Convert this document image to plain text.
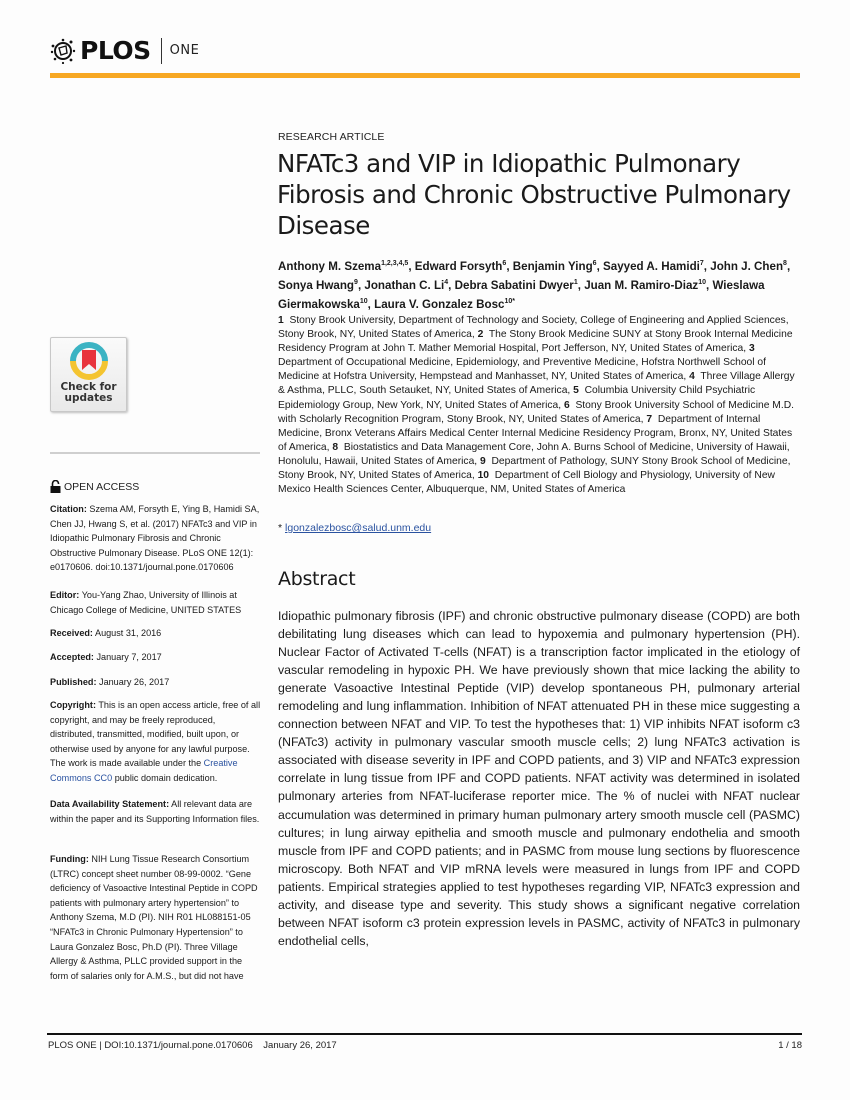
PLOS ONE
RESEARCH ARTICLE
NFATc3 and VIP in Idiopathic Pulmonary Fibrosis and Chronic Obstructive Pulmonary Disease

Anthony M. Szema$^{1,2,3,4,5}$, Edward Forsyth$^6$, Benjamin Ying$^6$, Sayyed A. Hamidi$^7$, John J. Chen$^8$, Sonya Hwang$^9$, Jonathan C. Li$^4$, Debra Sabatini Dwyer$^1$, Juan M. Ramiro-Diaz$^{10}$, Wieslawa Giermakowska$^{10}$, Laura V. Gonzalez Bosc$^{10*}$

1  Stony Brook University, Department of Technology and Society, College of Engineering and Applied Sciences, Stony Brook, NY, United States of America, 2  The Stony Brook Medicine SUNY at Stony Brook Internal Medicine Residency Program at John T. Mather Memorial Hospital, Port Jefferson, NY, United States of America, 3  Department of Occupational Medicine, Epidemiology, and Preventive Medicine, Hofstra Northwell School of Medicine at Hofstra University, Hempstead and Manhasset, NY, United States of America, 4  Three Village Allergy & Asthma, PLLC, South Setauket, NY, United States of America, 5  Columbia University Child Psychiatric Epidemiology Group, New York, NY, United States of America, 6  Stony Brook University School of Medicine M.D. with Scholarly Recognition Program, Stony Brook, NY, United States of America, 7  Department of Internal Medicine, Bronx Veterans Affairs Medical Center Internal Medicine Residency Program, Bronx, NY, United States of America, 8  Biostatistics and Data Management Core, John A. Burns School of Medicine, University of Hawaii, Honolulu, Hawaii, United States of America, 9  Department of Pathology, SUNY Stony Brook School of Medicine, Stony Brook, NY, United States of America, 10  Department of Cell Biology and Physiology, University of New Mexico Health Sciences Center, Albuquerque, NM, United States of America

* lgonzalezbosc@salud.unm.edu
Abstract

Idiopathic pulmonary fibrosis (IPF) and chronic obstructive pulmonary disease (COPD) are both debilitating lung diseases which can lead to hypoxemia and pulmonary hypertension (PH). Nuclear Factor of Activated T-cells (NFAT) is a transcription factor implicated in the etiology of vascular remodeling in hypoxic PH. We have previously shown that mice lacking the ability to generate Vasoactive Intestinal Peptide (VIP) develop spontaneous PH, pulmonary arterial remodeling and lung inflammation. Inhibition of NFAT attenuated PH in these mice suggesting a connection between NFAT and VIP. To test the hypotheses that: 1) VIP inhibits NFAT isoform c3 (NFATc3) activity in pulmonary vascular smooth muscle cells; 2) lung NFATc3 activation is associated with disease severity in IPF and COPD patients, and 3) VIP and NFATc3 expression correlate in lung tissue from IPF and COPD patients. NFAT activity was determined in isolated pulmonary arteries from NFAT-luciferase reporter mice. The % of nuclei with NFAT nuclear accumulation was determined in primary human pulmonary artery smooth muscle cell (PASMC) cultures; in lung airway epithelia and smooth muscle and pulmonary endothelia and smooth muscle from IPF and COPD patients; and in PASMC from mouse lung sections by fluorescence microscopy. Both NFAT and VIP mRNA levels were measured in lungs from IPF and COPD patients. Empirical strategies applied to test hypotheses regarding VIP, NFATc3 expression and activity, and disease type and severity. This study shows a significant negative correlation between NFAT isoform c3 protein expression levels in PASMC, activity of NFATc3 in pulmonary endothelial cells,

Check for
updates
OPEN ACCESS

Citation: Szema AM, Forsyth E, Ying B, Hamidi SA, Chen JJ, Hwang S, et al. (2017) NFATc3 and VIP in Idiopathic Pulmonary Fibrosis and Chronic Obstructive Pulmonary Disease. PLoS ONE 12(1): e0170606. doi:10.1371/journal.pone.0170606

Editor: You-Yang Zhao, University of Illinois at Chicago College of Medicine, UNITED STATES

Received: August 31, 2016

Accepted: January 7, 2017

Published: January 26, 2017

Copyright: This is an open access article, free of all copyright, and may be freely reproduced, distributed, transmitted, modified, built upon, or otherwise used by anyone for any lawful purpose. The work is made available under the Creative Commons CC0 public domain dedication.

Data Availability Statement: All relevant data are within the paper and its Supporting Information files.

Funding: NIH Lung Tissue Research Consortium (LTRC) concept sheet number 08-99-0002. “Gene deficiency of Vasoactive Intestinal Peptide in COPD patients with pulmonary artery hypertension” to Anthony Szema, M.D (PI). NIH R01 HL088151-05 “NFATc3 in Chronic Pulmonary Hypertension” to Laura Gonzalez Bosc, Ph.D (PI). Three Village Allergy & Asthma, PLLC provided support in the form of salaries only for A.M.S., but did not have

PLOS ONE | DOI:10.1371/journal.pone.0170606    January 26, 2017	1 / 18
